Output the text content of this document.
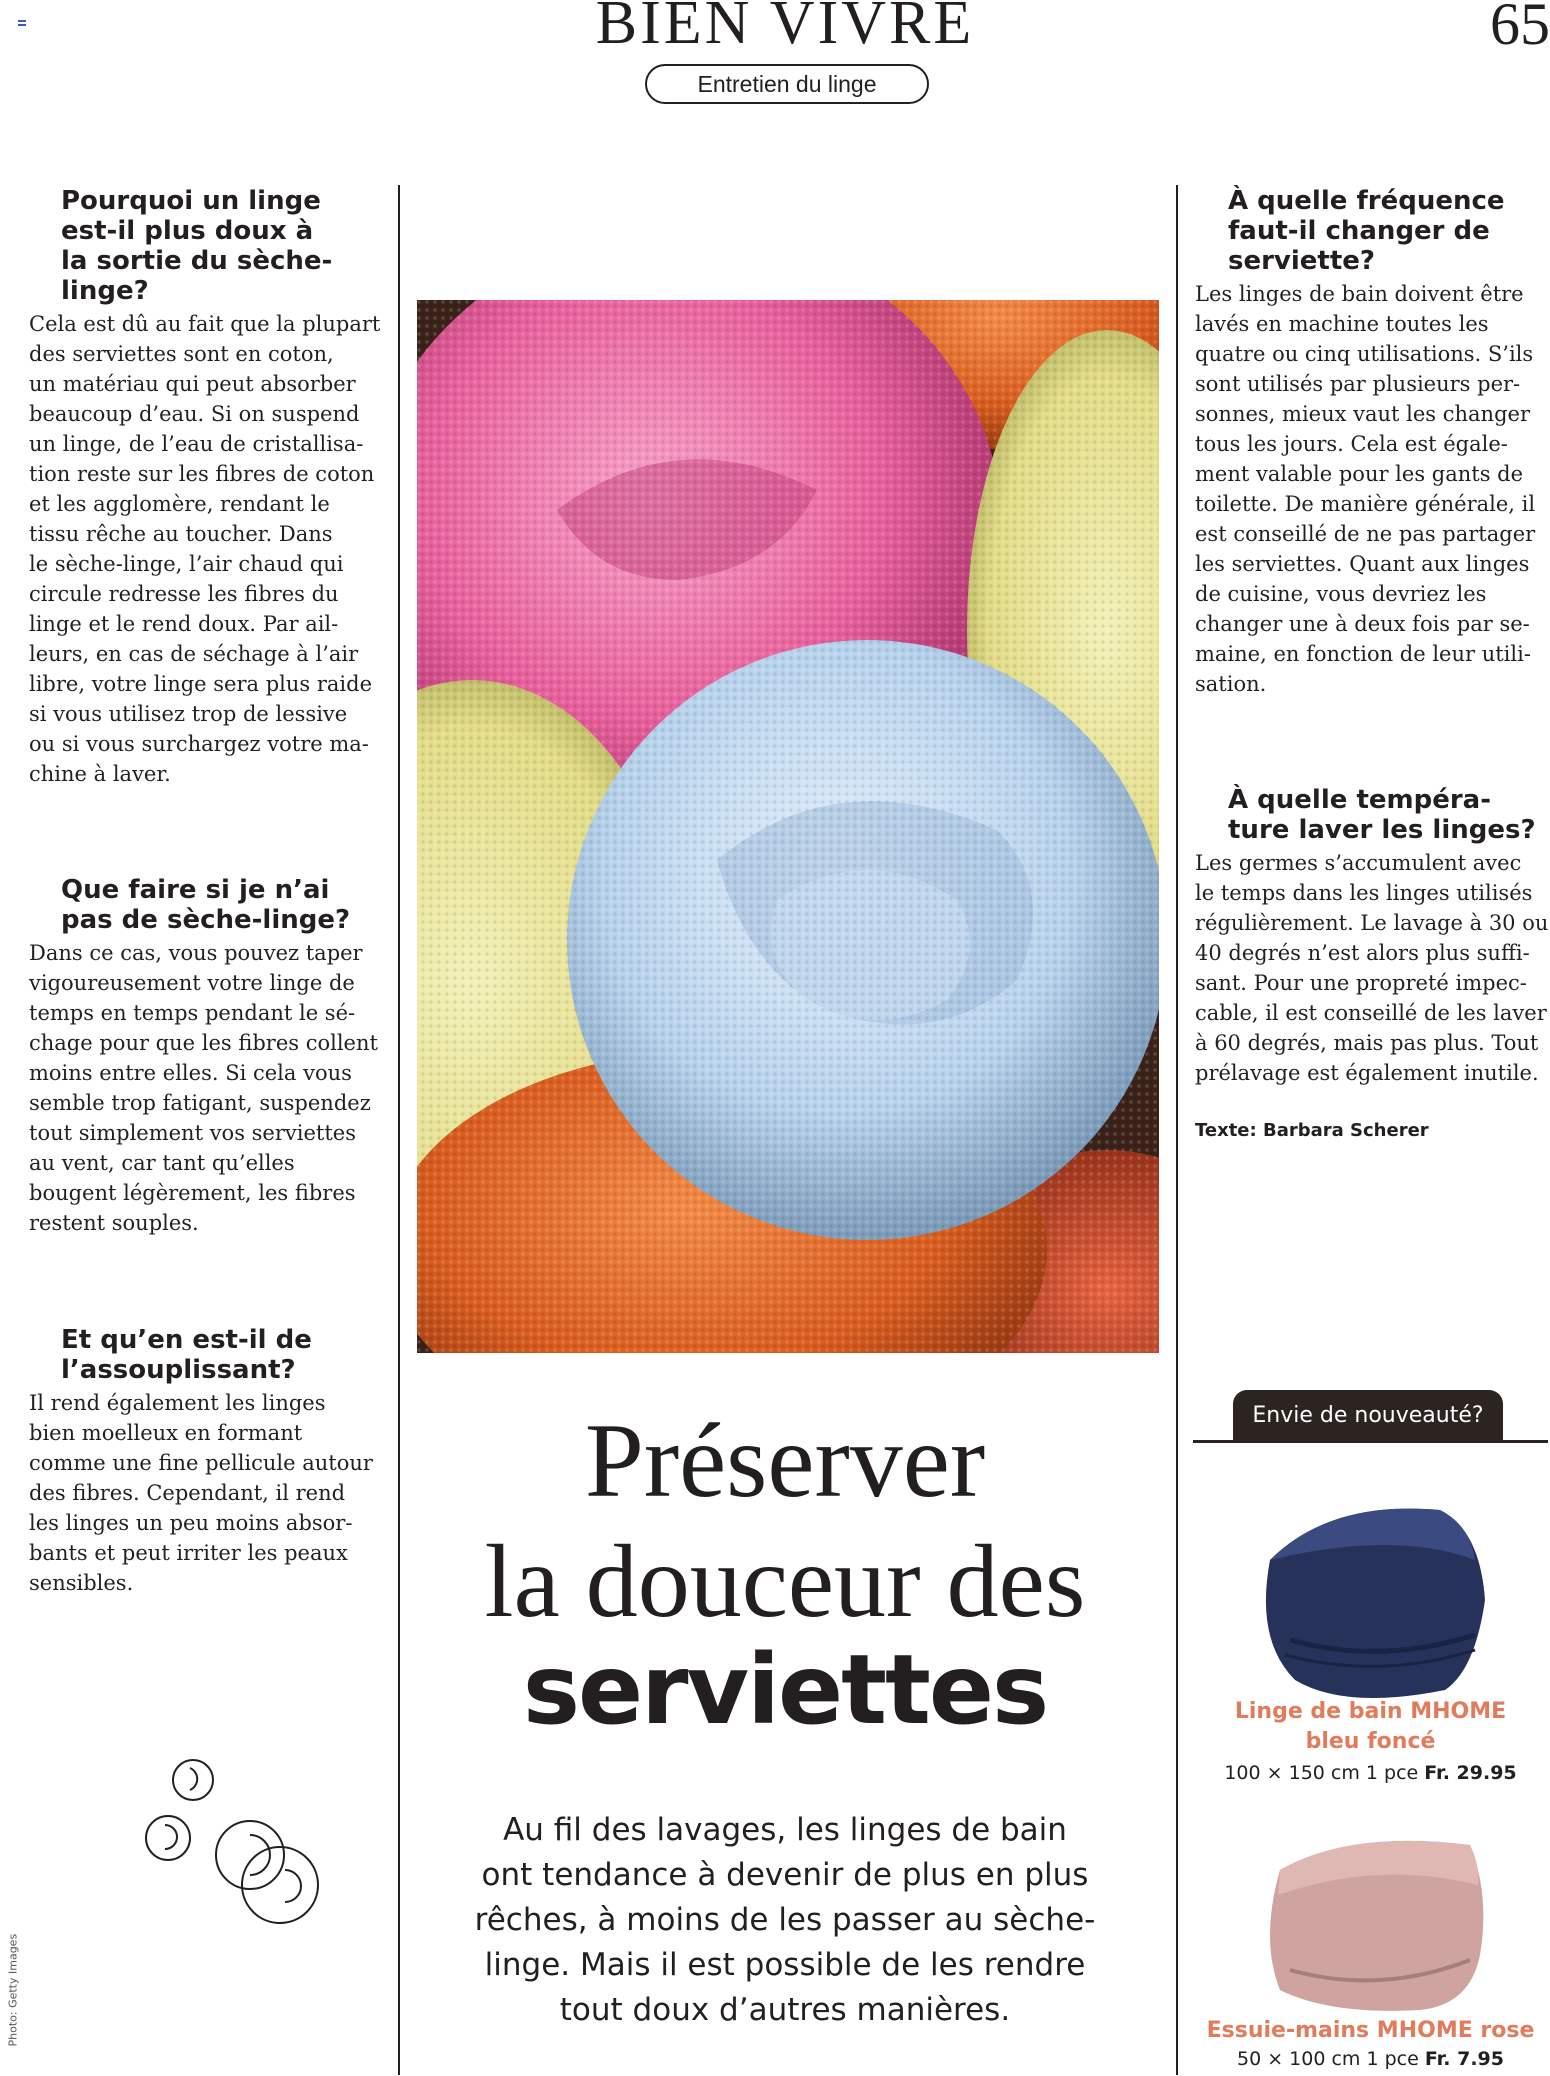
BIEN VIVRE	65
Entretien du linge
Pourquoi un linge
est-il plus doux à
la sortie du sèche-
linge?
Cela est dû au fait que la plupart
des serviettes sont en coton,
un matériau qui peut absorber
beaucoup d’eau. Si on suspend
un linge, de l’eau de cristallisa-
tion reste sur les fibres de coton
et les agglomère, rendant le
tissu rêche au toucher. Dans
le sèche-linge, l’air chaud qui
circule redresse les fibres du
linge et le rend doux. Par ail-
leurs, en cas de séchage à l’air
libre, votre linge sera plus raide
si vous utilisez trop de lessive
ou si vous surchargez votre ma-
chine à laver.
Que faire si je n’ai
pas de sèche-linge?
Dans ce cas, vous pouvez taper
vigoureusement votre linge de
temps en temps pendant le sé-
chage pour que les fibres collent
moins entre elles. Si cela vous
semble trop fatigant, suspendez
tout simplement vos serviettes
au vent, car tant qu’elles
bougent légèrement, les fibres
restent souples.
Et qu’en est-il de
l’assouplissant?
Il rend également les linges
bien moelleux en formant
comme une fine pellicule autour
des fibres. Cependant, il rend
les linges un peu moins absor-
bants et peut irriter les peaux
sensibles.
Préserver
la douceur des
serviettes
Au fil des lavages, les linges de bain
ont tendance à devenir de plus en plus
rêches, à moins de les passer au sèche-
linge. Mais il est possible de les rendre
tout doux d’autres manières.
À quelle fréquence
faut-il changer de
serviette?
Les linges de bain doivent être
lavés en machine toutes les
quatre ou cinq utilisations. S’ils
sont utilisés par plusieurs per-
sonnes, mieux vaut les changer
tous les jours. Cela est égale-
ment valable pour les gants de
toilette. De manière générale, il
est conseillé de ne pas partager
les serviettes. Quant aux linges
de cuisine, vous devriez les
changer une à deux fois par se-
maine, en fonction de leur utili-
sation.
À quelle tempéra-
ture laver les linges?
Les germes s’accumulent avec
le temps dans les linges utilisés
régulièrement. Le lavage à 30 ou
40 degrés n’est alors plus suffi-
sant. Pour une propreté impec-
cable, il est conseillé de les laver
à 60 degrés, mais pas plus. Tout
prélavage est également inutile.
Texte: Barbara Scherer
Envie de nouveauté?
Linge de bain MHOME
bleu foncé
100 × 150 cm 1 pce Fr. 29.95
Essuie-mains MHOME rose
50 × 100 cm 1 pce Fr. 7.95
Photo: Getty Images
